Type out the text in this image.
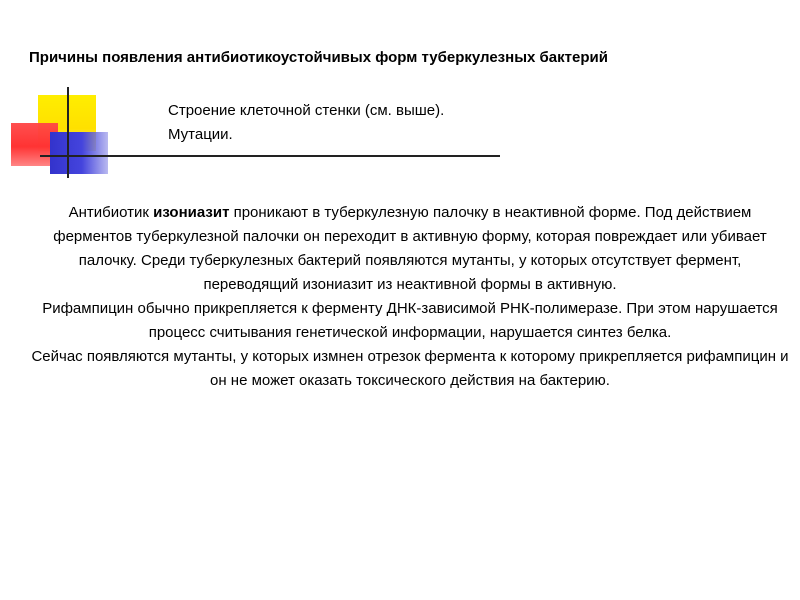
Причины появления антибиотикоустойчивых форм туберкулезных бактерий
Строение клеточной стенки (см. выше).
Мутации.

Антибиотик изониазит проникают в туберкулезную палочку в неактивной форме. Под действием ферментов туберкулезной палочки он переходит в активную форму, которая повреждает или убивает палочку. Среди туберкулезных бактерий появляются мутанты, у которых отсутствует фермент, переводящий изониазит из неактивной формы в активную.

Рифампицин обычно прикрепляется к ферменту ДНК-зависимой РНК-полимеразе. При этом нарушается процесс считывания генетической информации, нарушается синтез белка.

Сейчас появляются мутанты, у которых измнен отрезок фермента к которому прикрепляется рифампицин и он не может оказать токсического действия на бактерию.
